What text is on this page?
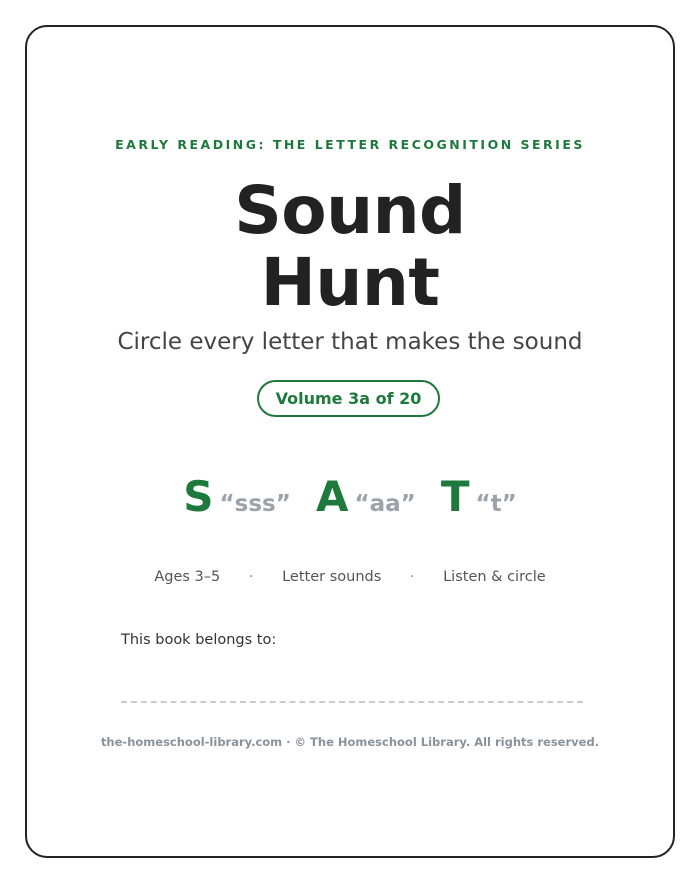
EARLY READING: THE LETTER RECOGNITION SERIES
Sound
Hunt
Circle every letter that makes the sound
Volume 3a of 20
S “sss” A “aa” T “t”
Ages 3–5 · Letter sounds · Listen & circle
This book belongs to:
the-homeschool-library.com · © The Homeschool Library. All rights reserved.
